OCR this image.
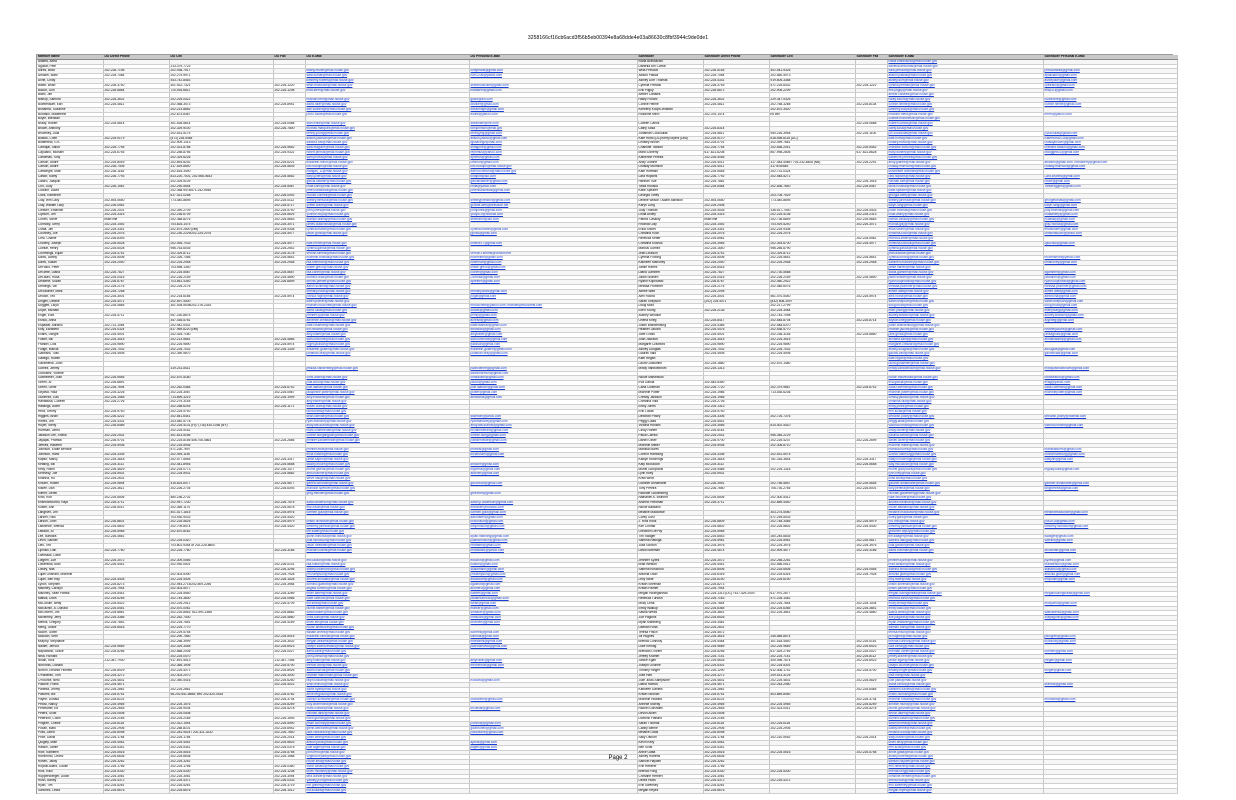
3258166cf16cb6acd3f56b5eb00394e8a68dde4e03a86630c8fbf3944c9de0de1
Member Name	DO Direct Phone	DO Cell	DO Fax	DO E-Mail	DO Personal E-Mail	Scheduler	Scheduler Direct Phone	Scheduler Cell	Scheduler Fax	Scheduler E-Mail	Scheduler Personal E-Mail
Adams, Alma						Ivana Brancaccio				ivana.brancaccio@mail.house.gov	
Aguilar, Pete		213-379-7723				Daniella Del Comal				daniella.delcomal@mail.house.gov	
Allred, Brad	202-226-7196	202-938-7917		tiffany.muller@mail.house.gov	cuffyreads@gmail.com	Willa Prescott	202-226-5155	402-541-9325		willa.prescott@mail.house.gov	prescottwilla@gmail.com
Amodei, Mark	202-225-7084	202-279-9971		sara.kumar@mail.house.gov	norr1206@yahoo.com	Allison Palicia	202-225-7084	202-560-4973		allison.palicia@mail.house.gov	apalicia89@gmail.com
Axne, Cindy		443-742-8463		kimberly.roberts@mail.house.gov		Ashley Dorr Thomas	202-225-4331	919-605-3388		ashley.dorr@mail.house.gov	ashleydorr@gmail.com
Babin, Brian	202-226-3740	301-922-7321	202-225-1220	sean.mcduckie@mail.house.gov	seanmcduckie@gmail.com	Cynthia Petrafio	202-226-3745	571-225-6432	202-225-1222	cynthia.petrafio@mail.house.gov	cpetrafio@gmail.com
Bacon, Don	202-226-6884	720-934-6811	202-225-1298	matt.stern@mail.house.gov	mattstern@gmail.com	Erik Pilguy	202-226-6872	202-906-2299		erik.pilguy@mail.house.gov	erikp11@gmail.com
Baird, Jim						Amber Canales				amber.canales@mail.house.gov	
Bishop, Sanford	202-225-3631	202-225-0422		michael.reed@mail.house.gov	gowo@aol.com	Haley Fulford	202-225-3631	229-347-9326		haley.fulford@mail.house.gov	hulfordfire@gmail.com
Blumenauer, Earl	202-225-4811	202-468-3473	202-225-8941	david.diller@mail.house.gov	dbdiller@gmail.com	Connie Helme	202-225-4811	202-768-3268	202-225-8134	connie.helme@mail.house.gov	connie.helme@gmail.com
Bonamici, Suzanne		202-213-8682		dan.wuthridge@mail.house.gov	dwuthridge@gmail.com	Kimberly Koops-Wrabek		202-870-3420		kimberly.koops@mail.house.gov	
Bordallo, Madeleine		202-674-8367		john.l.stoltz@mail.house.gov	eluinfl@yahoo.com	Rosanne Mero	202-376-1474	no cell		rosanne.mero@mail.house.gov	rmero@yahoo.com
Boyle, Brendan										collette.marcheson@mail.house.gov	
Brady, Robert	202-225-5814	301-528-5814	202-225-0088	stan.white@mail.house.gov	stanwhite@me.com	Colleen Carlos			202-225-0688	colleen.carlos@mail.house.gov	
Brown, Anthony		202-329-9100	202-226-7800	thomas.marquez@mail.house.gov	tomjohnson@mail.gov	Cathy Sosa	202-225-8314			cathy.sosa@mail.house.gov	
Brownley, Julia		202-531-5175		kenny.young@mail.house.gov	kennyyng@gmail.com	Jonathan Coucoulas	202-225-5811	940-216-3948	202-225-1100	jon.coucoulas@mail.house.gov	jcoucoulas@gmail.com
Bustos, Cheri	202-225-9179	(571) 235-5465		allison.jackson@mail.house.gov	allison.jackso@gmail.com	Kate Hurst (DC)/Kerry Myers (Dist)	202-225-9170	818-598-6116 (DC)		kate.hurst@mail.house.gov	KateHurst2018@gmail.com
Butterfield, G.K.		202-909-1313		sanford.bar@mail.house.gov	fgshavingz@mail.com	Lindsey Brown	202-225-0701	202-499-7661		lindsey.brown@mail.house.gov	lindsaybrown@gmail.com
Carbajal, Salud	202-225-7755	202-423-8788	202-225-9652	sara.maguire@mail.house.gov	smaguire@gmail.com	Charlotte Tollison	202-225-7754	202-838-2041	202-225-5452	charlotte.tollison@mail.house.gov	chenard.tollison@gmail.com
Capuano, Michael	202-225-6745	202-258-8756	202-225-9322	robert.primus@mail.house.gov	reprimus@yahoo.com	Marci Doherty	617-621-6208	857-998-2806	617-621-8628	mary.doherty@mail.house.gov	Mdoggett31@gmail.com
Cárdenas, Tony		202-329-6226		sam.primus@mail.house.gov	sprimus@gmail.com	Katherine Pereira	202-226-4055			katherine.pereira@mail.house.gov	
Carson, Andre	202-225-8049	202-893-8292	202-225-6221	elizabeth.minor@mail.house.gov	lzminor@gmail.com	Andy Guthrie	202-225-4011	317-483-4486 / 703-232-6408 (NB)	202-225-2291	andy.guthrie@mail.house.gov	athatch@gmail.com, heboiberry@gmail.com
Carson, André	202-226-7406	317-529-8540	202-225-5639	kim.rudolph@mail.house.gov	kim.rudolph@mail.house.gov	Lindsay Morrison	202-225-4011	317/678/546		lindsay.morrison@mail.house.gov	lindsay.morrison@gmail.com
Cartwright, Matt	202-226-1164	202-615-3490		hdalgas_11@mail.house.gov	eden.richmond@mail.house.gov	Kate Hoffman	202-225-5546	202-731-0324		ksrchester.hoffman@mail.house.gov	
Castor, Kathy	202-226-7793	813-220-7001, 202-968-0643	202-225-5652	daryl.jones@mail.house.gov	tchaplin@aol.com	Lara Hopkins	202-226-7792	202-548-5272		lara.hopkins@mail.house.gov	Lara.chanes@gmail.com
Castro, Joaquin		202-329-5109		garcia.castner@mail.house.gov	garciacastner@gmail.com	Hannah Tule	202-225-7881		202-225-1915	hannah.tule@mail.house.gov	hitule@gmail.com
Chu, Judy	202-226-1561	202-290-5544	202-225-5467	linda.shim@mail.house.gov	linda@yahoo.com	Tania Houska	202-225-5464	202-836-7640	202-225-5467	tania.houska@mail.house.gov	TaniaHiggins@gmail.com
Cicilline, David		202-368-9478/571-242-5946		peter.karafotias@mail.house.gov	petenkarafotias@gmail.com	Katie Spearer				katie.spearer@mail.house.gov	
Clark, Katherine		617-421-0258	202-226-0092	brooke.connell@mail.house.gov		Georgia Toffey		203-708-7529		georgia.toffey@mail.house.gov	
Clay, Wm Lacy	202-593-0650	773-440-8695	202-225-0112	shelley.benscot@mail.house.gov	shelleyjohnston@gmail.com	Debbie Wilson / Adam Atkinson	202-593-0650	773-440-8695		shelley.johnston@mail.house.gov	georgetobias@gmail.com
Clay, William Lacy	202-226-0561		202-225-5717	yvette.crane@mail.house.gov	gcrane.web@bellsouth.net	Karyn Long	202-225-2406			karyn.long@mail.house.gov	karyn.long@gmail.com
Cleaver, Emanuel	202-226-2001	202-390-2709	202-225-5740	john.jones@mail.house.gov	jhonjones@gmail.com	Judy Thomas	202-225-4535	336-517-7040	202-225-4403	judith.thomas@mail.house.gov	judy.thomas@gmail.com
Clyburn, Jim	202-225-3315	202-236-6739	202-225-5629	yvonne.boyd@mail.house.gov	yboyd19@hotmail.com	Linda Antley	202-225-3315	202-225-4136	202-225-2313	linda.antley@mail.house.gov	lindaantley@gmail.com
Cohen, Steve	main line	202-368-8276	202-225-5663	marilyn.dillihay@mail.house.gov	sebmarsh@aol.com	Patrick Cassidy	main line	202-736-6849	202-225-5663	patrick.cassidy@mail.house.gov	pcassidy@gmail.com
Connolly, Gerry	202-225-1492	703-624-1475	202-225-3071	james.walkinshaw@mail.house.gov		Rhonda Gilly	202-225-1492	703-929-5240	202-225-3071	rhonda.gilly@mail.house.gov	gilly.rhonda@gmail.com
Costa, Jim	202-225-3341	202-679-2800 (cell)	202-225-9308	cynthia.martin@mail.house.gov	cynthia.martin@gmail.com	Erica Shoen	202-225-3341	202-225-9308		erica.shoen@mail.house.gov	ericashoen@gmail.com
Courtney, Joe	202-225-2076	202-230-2229/202-225-2076	202-225-4977	jason.gross@mail.house.gov	jgross@gmail.com	Christina Koch	202-225-2076	202-225-2076		christina.koch@mail.house.gov	christinakoch@yahoo.com
Crist, Charlie	202-226-8393					Rebecca Ketter	202-225-5961		202-225-5961	rebecca.ketter@mail.house.gov	
Crowley, Joseph	202-226-5028	202-494-7033	202-225-4977	kate.mehle@mail.house.gov	kmehle17@gmail.com	Christina Kochuk	202-225-3965	202-393-6700	202-225-4977	christina.kochuk@mail.house.gov	cjkochuk@gmail.com
Cuellar, Henry	202-225-5028	956-763-6035	202-225-2542	cynthia.garcia@mail.house.gov		Marcus Gomez	202-225-1640	956-266-6790		cynthia.garcia@mail.house.gov	
Cummings, Elijah	202-225-4741	202-329-8712	202-225-3178	vernon.simms@mail.house.gov	vernon.t.simms@verizon.net	Jean Dickson	202-225-4741	202-329-8712		jean.dickson@mail.house.gov	
Davis, Danny	202-225-5006	202-326-7356	202-225-5641	michelle.thomas@mail.house.gov	michelleth@gmail.com	Cynthia Furlong	202-225-5006	202-225-5641	202-225-5641	cynthia.furlong@mail.house.gov	mcchrismith@yahoo.com
Davis, Susan	202-225-2040	202-225-2948	202-225-2948	lisa.sherman@mail.house.gov	lsherman@gmail.com	Kathleen Mahoney	202-225-2040	202-225-2948	202-225-2948	kathleen.mahoney@mail.house.gov	kmahoney@gmail.com
DeFazio, Peter		703-598-1340		kristie.greco@mail.house.gov	kristie.greco@gmail.com	Jamie Harrell	202-225-6416			jamie.harrell@mail.house.gov	
DeGette, Diana	202-225-7827	202-225-5587	202-225-5657	lisa.cohen@mail.house.gov	lcohen@gmail.com	Diana Gambrel	202-225-7827	202-730-5568		diana.gambrel@mail.house.gov	dgambrel@gmail.com
DeLauro, Rosa	202-225-0415	202-226-2159	202-225-4890	dominic.diaz@mail.house.gov	DDfrosa@gmail.com	Jillian Shanen	202-225-0415	202-226-2159	202-225-4890	jillian.shanen@mail.house.gov	jillshanen@gmail.com
DelBene, Suzan	202-226-6787	703-851-4350	202-226-6899	dennis.pfeiffer@mail.house.gov	dpfeiffer@gmail.com	Ryann Koprowski	202-226-6787	202-460-2922		ryann.koprowski@mail.house.gov	ryann.koprowski@gmail.com
Demings, Val	202-225-2176	202-225-2176		aaron.schmitt@mail.house.gov		Melissa Plummer	202-225-2176	202-446-6076		melissa.plummer@mail.house.gov	melissa.plummer@gmail.com
DeSaulnier, Mark	202-225-7258			bethany.hicks@mail.house.gov	bethanyhicks@gmail.com	Aimee Watt	202-225-2095			aimee.watt@mail.house.gov	aimee.watt@gmail.com
Deutch, Ted	202-225-3001	202-215-6185	202-225-5974	joshua.rogin@mail.house.gov	jrogin@gmail.com	Alex Rocha	202-225-3001	561-470-5440	202-225-5974	alex.rocha@mail.house.gov	alexrocha@gmail.com
Dingell, Debbie	202-225-4071	202-597-4400		karen.pichler@mail.house.gov		Sarah Shepson	(202) 225-4071	(832) 808-3097		sarah.shepson@mail.house.gov	sarah.shepson@gmail.com
Doggett, Lloyd	202-225-4865	301-928-5008/202-276-2334		michael.mucchetti@mail.house.gov	mmucchetti@yahoo.com; michael@mucchetti.com	Doug Mold		202-217-2799		doug.mold@mail.house.gov	doug.mold@gmail.com
Doyle, Michael				david.lucas@mail.house.gov	dlucas@gmail.com	Ellen Young	202-225-2135	202-225-3084		ellen.young@mail.house.gov	ellenyoung@gmail.com
Engel, Eliot	202-225-4711	947-230-8675		jennifer.ly@mail.house.gov	jennly@gmail.com	Audrey Windsor		202-744-7098		audrey.windsor@mail.house.gov	audrey.windsor@gmail.com
Eshoo, Anna		347-435-5781		adrienne.christian@mail.house.gov	achristi@gmail.com	Orlena Krieg	202-225-8417	202-548-8704	202-225-8714	allyson.krieg@mail.house.gov	allykrieg@gmail.com
Espaillat, Adriano	202-731-1064	202-942-0431		kate.rossman@mail.house.gov	katerossman@gmail.com	Justin Brandenburg	202-225-4365	202-548-6370		justin.brandenburg@mail.house.gov	
Esty, Elizabeth	202-225-0324	817-969-6220 (cell)		tim.nedwick@mail.house.gov	tnedwick@gmail.com	Heather Jacobs	202-225-4476	202-538-5770		heather.jacobs@mail.house.gov	heatherjacobs@gmail.com
Evans, Dwight	202-225-4001	202-425-7180		amy.baker@mail.house.gov	amybaker@gmail.com	Jane Gross	202-225-4001	202-236-3146	202-225-6860	jane.gross@mail.house.gov	janeagross@gmail.com
Foster, Bill	202-225-3515	202-213-5681	202-225-4885	sam.kirchhoff@mail.house.gov	sam.kirchhoff@gmail.com	Joan Jackson	202-225-3515	202-225-3515		annalea.kamp@mail.house.gov	annaleakamp@gmail.com
Frankel, Lois	202-225-9890	202-225-9890	202-225-5974	roger.jackson@mail.house.gov	rjackson@gmail.com	Margaret Crawford	202-225-9890	202-225-9890		margaret.crawford@mail.house.gov	
Fudge, Marcia	202-225-7032	202-225-7032	202-225-1339	elizabeth.golden@mail.house.gov	elizabeth.golden@gmail.com	Ashley Douglas	202-225-7032	202-225-7032		ashley.douglas@mail.house.gov	adouglas@gmail.com
Gabbard, Tulsi	202-225-4906	202-390-9870		jonathan.bray@mail.house.gov	jonathan.bray@gmail.com	Gaurav Vaid	202-225-4906	202-225-4906		gaurav.vaid@mail.house.gov	gauravvaid@gmail.com
Gallego, Ruben						Kate Regan				kate.regan@mail.house.gov	
Garamendi, John						Laura Goldsmith	202-225-1880	202-570-1480		laura.goldsmith@mail.house.gov	
Gomez, Jimmy		319-231-5411		jessica.vanderberg@mail.house.gov	jsvanderberg@gmail.com	Mindy Vanboekhom	202-225-1313			mindy.vanboekhom@mail.house.gov	mindyvanboekhom@gmail.com
Gonzalez, Vicente					davidmorrison@gmail.com						
Gottheimer, Josh	202-225-9546	202-570-5180		chris.austin@mail.house.gov	chrisaustin@gmail.com	Nicole Malvestuto				nicole.malvestuto@mail.house.gov	nmalvestuto@gmail.com
Green, Al	202-226-8891			julia.wood@mail.house.gov	jwood@gmail.com	Eva Garcia	202-544-5350			eva.garcia@mail.house.gov	evag@yahoo.com
Green, Gene	202-226-7694	202-262-0485	202-225-6742	julie.laatsch@mail.house.gov	julie.laatsch@gmail.com	Carla Coleman	202-226-7720	202-379-9687	202-225-6742	carla.coleman@mail.house.gov	carla.coleman@gmail.com
Grijalva, Raúl	202-225-3226	202-225-3087	202-225-0567	jacqueline.potter@mail.house.gov	jpotter@gmail.com	Michelle Potter	202-225-1986	713-535-6236		michelle.potter@mail.house.gov	michellepotter@gmail.com
Gutiérrez, Luis	202-225-1985	713-899-3219	202-225-1999	amy.edwards@mail.house.gov	aedwards@gmail.com	Chrissy Jackson	202-225-1985			chrissy.jackson@mail.house.gov	
Hanabusa, Colleen	202-225-2726	202-279-3145		amy.elsner@mail.house.gov		Christina Villa	202-225-2726			christina.villa@mail.house.gov	
Hastings, Alcee		202-258-6245	202-225-1171	susan.clark@mail.house.gov		Emily Jones	202-225-1313			emily.jones@mail.house.gov	
Heck, Denny	202-225-9740	202-225-9740		laura.lewis@mail.house.gov		Erin Lucas	202-225-9740			erin.lucas@mail.house.gov	
Higgins, Brian	202-226-4222	202-641-6441		sean.kilbride@mail.house.gov	skilbride@yahoo.com	Deborah Posey	202-225-3306	202-725-7376		deborah.posey@mail.house.gov	deborah.posey@hotmail.com
Himes, Jim	202-226-4331	203-540-5778		ryan.mahoney@mail.house.gov	ryanmahoney@gmail.com	Peggy Lalas	202-225-5541			peggy.lalas@mail.house.gov	
Hoyer, Steny	202-226-6489	202-225-4131 (H) / (716) 430-1036 (NY)		andy.taft.dubrow@mail.house.gov	andy.taft.dubrow@gmail.com	Victoria Honard	202-225-3556	814-402-4410		victoria.honard@mail.house.gov	victoria.honard@gmail.com
Huffman, Jared		202-225-5161		mark.chamberlain@mail.house.gov	mchamberlain@gmail.com	Cindy Hunter	202-225-5161			cindy.hunter@mail.house.gov	
Jackson Lee, Sheila	202-225-2531	301-613-5166		connie.hungtingdon@mail.house.gov	connie.hung@gmail.com	Paula Carrillo	202-225-2531	956-346-2129		paulina.carrillo@mail.house.gov	
Jayapal, Pramila	202-226-9701	202-225-8156 408-706-4864	202-225-2686	jennifer.vanderheide@mail.house.gov	jvanderheide@gmail.com	Daniel Oliver	202-226-9700	202-225-4237	202-225-2699	daniel.oliver@mail.house.gov	
Jeffries, Hakeem	202-225-5936	202-225-5936				Michelle Mittler	202-225-5936	202-308-8710		michelle.mittler@mail.house.gov	
Johnson, Eddie Bernice		571-230-7697		jennifer.mills@mail.house.gov	jenmills@gmail.com	Marissa Bures				marissa.bures@mail.house.gov	marissabures@gmail.com
Johnson, Hank	202-225-3335	202-494-1150		tricia.russell@mail.house.gov	triciarussell@gmail.com	Connor Hamburg	202-225-3336	202-531-5075		connor.hamburg@mail.house.gov	connorhamburg@gmail.com
Kaptur, Marcy	202-225-3818	202-577-5546	202-225-3317	jaime.kaptur@mail.house.gov		Kaitlyn Hutchings	202-225-3818	781-316-3644	202-225-3317	kaitlyn.hutchings@mail.house.gov	kaitlynh@gmail.com
Keating, Bill	202-225-3111	202-441-8946	202-225-5658	stacey.moore@mail.house.gov	smoore@gmail.com	Katy Mcculloch	202-225-3111		202-225-5658	katy.mcculloch@mail.house.gov	
Kelly, Robin	202-226-4829	202-225-0773	202-226-1477	muriel.givens@mail.house.gov	mgivens@gmail.com	Muriel Golopoolis	202-225-9485	202-225-1316		muriel.golopoolis@mail.house.gov	mgolopoolis@gmail.com
Kennedy, Joe	202-225-5931	202-225-5931	202-225-5682	arthur.tanner@mail.house.gov	atanner@gmail.com	Lynn Riley	202-225-5931			lynn.riley@mail.house.gov	
Khanna, Ro	202-225-2631			steve.haugen@mail.house.gov		Kristi Whitt				kristi.whitt@mail.house.gov	
Kihuen, Ruben	202-225-9894	415-624-6477	202-225-9877	garrett.donovan@mail.house.gov	gdonovan@gmail.com	Gardner Annamarie	202-226-3951	202-756-5657	202-225-5655	gardner.annamarie@mail.house.gov	gardner.annamarie@gmail.com
Kildee, Dan	202-225-3611	202-226-2735	202-225-6393	brandon.spencer@mail.house.gov		Tony Pereira	202-226-7660	706-730-2765	202-225-5001	tony.pereira@mail.house.gov	tonypereira@gmail.com
Kilmer, Derek				greg.mecher@mail.house.gov	gmecher@gmail.com	Rachael Goldenberg				rachael.goldenberg@mail.house.gov	
Kind, Ron	202-225-5506	480-236-2702				Nathaniel A. Brunner	202-225-5506	202-400-5412		nate.brunner@mail.house.gov	
Krishnamoorthi, Raja	202-225-3711	202-957-7230	202-226-7575	sarah.anderson@mail.house.gov	sarah.p.anderson@gmail.com	Andrea Friedman	202-225-3711	202-689-4440		andrea.friedman@mail.house.gov	
Kuster, Ann	202-226-5011	202-369-1170	202-225-5578	erik.olson@mail.house.gov	erikolsen@outlook.com	Nicole Balbiano				nicole.balbiano@mail.house.gov	
Langevin, Jim		401-527-1815	202-225-5976	carmen.gutz@mail.house.gov	carmen.gutz@gmail.com	Melanie Macklowe		303-275-5080		melanie.macklowe@mail.house.gov	melaniemacklowe@gmail.com
Larsen, Rick		703-930-9033	202-225-4420		aaronalter@gmail.com	Corey Gorz		571-294-5003		corey.gorz@mail.house.gov	
Larson, John	202-226-8601	202-225-5625	202-225-5979	kristin.nicholson@mail.house.gov	knicholson@gmail.com	J. Rios Ross	202-226-8809	202-748-3485	202-225-5979	ros.ross@mail.house.gov	jros2018@gmail.com
Lawrence, Brenda	202-225-5802	202-709-8474	202-225-4420	kimberly.johnson@mail.house.gov	kimjohnson@gmail.com	Kim Conrad	202-225-5802	202-225-5802	202-225-4430	kimberly.johnson@mail.house.gov	kimberly.nicholson@gmail.com
Lawson, Al	202-226-5965	202-870-8162		lee.slater@mail.house.gov		Gretchen DePoy	202-225-5965			gretchen.depoy@mail.house.gov	
Lee, Barbara	202-226-4661			quinn.minchull@mail.house.gov	dylan.manning@gmail.com	Tim Swager	202-225-6543	260-245-6835		tim.swager@mail.house.gov	tswager@gmail.com
Levin, Sander		202-225-0310		julia.nicholson@mail.house.gov	julianicholson@gmail.com	Sabrina Ratinga	202-225-5961	202-225-5961	202-225-9817	sabrina.ratinga@mail.house.gov	sabrina@gmail.com
Lieu, Ted		703-801-9354 or 202-225-8800		jason.neatfaith@mail.house.gov	neatfaith@gmail.com	Julia Gordon	202-225-3976	202-225-3976	202-225-3976	julia.gordon@mail.house.gov	
Lipinski, Dan	202-225-7760	202-225-7760	202-225-3166	michael.collins@mail.house.gov	mnabolsto@yahoo.com	David Bowman	202-225-4674	202-909-4677	202-225-3166	david.bowman@mail.house.gov	dbowman@gmail.com
Loebsack, Dave											
Lofgren, Zoe	202-225-3072	202-309-0556		eric.lauzon@mail.house.gov	elauzon@gmail.com	Jennifer Syzek	202-225-3072	202-258-2281		jennifer.syzek@mail.house.gov	jsyzek@gmail.com
Lowenthal, Alan	202-226-4441	202-930-0501	202-226-0101	lisa.sutton@mail.house.gov	lsutton@gmail.com	Brad Weston	202-226-4441	202-556-0512		brad.weston@mail.house.gov	bradweston@gmail.com
Lowey, Nita			202-226-3295	stacey.kaufmann@mail.house.gov	skaufmann@gmail.com	Sabrina Kirkwood	202-225-6506	202-225-6506	202-225-0546	sabrina.kirkwood@mail.house.gov	skirkwood@gmail.com
Lujan Grisham, Michelle		202-403-5390	202-225-7928	jim.hampson@mail.house.gov	jimhampson@gmail.com	Antonia Gwin	202-225-6316	202-225-6316	202-225-7928	antonia.gwin@mail.house.gov	antonia.gwin@gmail.com
Luján, Ben Ray	202-225-4405	202-225-4405	202-226-1528	andrew.stoddard@mail.house.gov	astoddard@gmail.com	Lexy Nolte	202-225-6190	202-225-6190		lexy.nolte@mail.house.gov	lexynolte@gmail.com
Lynch, Stephen	202-225-8273	202-944-2715/202-809-2256	202-225-3984	dominic.galeotti@mail.house.gov	dgaleotti@gmail.com	Kristin Sheehan	202-225-8273			kristin.sheehan@mail.house.gov	
Maloney, Carolyn	202-225-7944	202-403-5077		angela.romero@mail.house.gov	aromero@gmail.com	Kristin Palmer	202-225-7944			kristin.palmer@mail.house.gov	
Maloney, Sean Patrick	202-225-5441	202-225-5550	202-225-3289	kevin.albert@mail.house.gov	kalbert@gmail.com	Megan Hollingshead	202-225-1313 (DC) / 617-429-2000	617-970-2877		megan.hollingshead@mail.house.gov	meganhollingshead@gmail.com
Matsui, Doris	202-225-6255	202-744-3800	202-225-0566	katie.lubbock@mail.house.gov	ptkatielubbock@gmail.com	Rebecca Turtosh	202-225-7163	571-228-1462		rebecca.turtosh@mail.house.gov	
McCollum, Betty	202-225-5422	202-225-2912	202-225-4709	tim.sean@mail.house.gov	tsean@gmail.com	Molly Cena	202-225-7844	202-225-7844	202-225-1004	molly.cena@mail.house.gov	mollycena@gmail.com
McEachin, A. Donald	202-225-5451	202-570-0061		rachel.barker@mail.house.gov	rbarker@gmail.com	Emily Walkup	202-225-6365	202-225-6365	202-225-3841	emily.walkup@mail.house.gov	
McGovern, Jim	202-225-8861	202-225-8561; 612-991-1556	202-225-8882	sarah.baker@mail.house.gov	smbaker@gmail.com	Sasha Weiss	202-225-3841	202-225-3841	202-225-4860	sasha.weiss@mail.house.gov	sashaweiss@gmail.com
McNerney, Jerry	202-225-3366	202-252-7400	202-225-4860	chris.kuhl@mail.house.gov	chriskuhl@gmail.com	Zoe Pagonis	202-225-6526			zoe.pagonis@mail.house.gov	zoepagonis@gmail.com
Meeks, Gregory	202-225-7851	202-225-7851	202-226-4169	kevin.lee@mail.house.gov	kevinlee@gmail.com	Myah Mahlberg	202-225-3461			myah.mahlberg@mail.house.gov	
Meng, Grace	202-225-6516	202-229-7770		nicole.ainsworth@mail.house.gov		Damian Ross	202-225-2601			damian.ross@mail.house.gov	
Moore, Gwen		202-229-5748		william.cheek@mail.house.gov	wcheek@gmail.com	Teresa Frisch	202-225-4572			teresa.frisch@mail.house.gov	
Moulton, Seth		202-290-7560	202-225-5915	elizabeth.kimball@mail.house.gov	lkimball@gmail.com	Jill Hughes	202-225-3615	245-585-8574		jill.hughes@mail.house.gov	jillhughes@gmail.com
Murphy, Stephanie		202-258-3999	202-225-3002	megan.williams@mail.house.gov	mwilliams@gmail.com	Brenda Cunnolly	202-225-4464	301-518-4540	202-225-0151	brenda.cunnolly@mail.house.gov	bcunnolly@gmail.com
Nadler, Jerrold	202-225-9669	202-329-3448	202-225-6923	joseph.swerdzewski@mail.house.gov	jswerdzewski@gmail.com	Luke Kendig	202-225-9669	202-225-9669	202-225-6923	luke.kendig@mail.house.gov	
Napolitano, Grace	202-225-5256	202-868-2006	202-225-0027	aarfa.kabir@mail.house.gov		Brendan O'Brien	202-225-5256	617-529-2769	202-225-0027	brendan.obrien@mail.house.gov	bobrien@gmail.com
Neal, Richard		202-225-0470		john.johnson@mail.house.gov		Jeffrey Kramer	202-225-7141	202-225-7141	202-225-8112	jeffrey.kramer@mail.house.gov	
Nolan, Rick	212-367-7930	917-691-4513	212-367-7356	amy.rutkin@mail.house.gov	amyrutkin@gmail.com	Janice Egan	212-225-5635	305-498-7674	202-225-6923	janice.egan@mail.house.gov	jeegan@gmail.com
Norcross, Donald		202-365-1906	202-225-5700	mercer.wolf@mail.house.gov	mercerwolf@gmail.com	Joseph Oconne	202-225-5301	202-225-5301		joseph.oconne@mail.house.gov	
Norton, Eleanor Holmes	202-226-8929	202-225-4071	202-225-8926	adam.nichols@mail.house.gov		Timothy Ringer	202-225-1290	612-408-1742	202-225-5700	timothy.ringer@mail.house.gov	tringer@gmail.com
O'Halleran, Tom	202-225-3272	202-403-2070	202-225-3000	heather.marchman@mail.house.gov		Jose Hart	202-225-3272	209-513-3125		jose.hart@mail.house.gov	
O'Rourke, Beto	202-225-4831	202-450-5416	202-225-6250	ralph.lockard@mail.house.gov	rlockard@gmail.com	Julie Justo-Sampsone	202-225-4831	202-225-4831	202-225-5829	julie.justo@mail.house.gov	
Pallone, Frank	202-225-4671		202-225-4022	sean.lennon@mail.house.gov		Diana Ramos	202-225-4671	202-263-2080		diana.ramos@mail.house.gov	dramos@gmail.com
Panetta, Jimmy	202-225-2861	202-225-2861		david.hyatt@mail.house.gov		Kathleen Daniels	202-225-2861		202-225-6465	kathleen.daniels@mail.house.gov	
Pascrell, Bill	202-225-5751	98-202-641-8658; cell: 202-420-0515	202-225-5782	anne.ferguson@mail.house.gov		Kristin Noonan	202-225-5751	503-869-8080		kristin.noonan@mail.house.gov	
Payne, Donald	202-225-6101		202-225-3734	carolyn.schwartz@mail.house.gov	cschwartz@gmail.com	Michelle Howard	202-225-6101		202-225-3734	michelle.howard@mail.house.gov	mhoward@gmail.com
Pelosi, Nancy	202-225-4965	202-225-1576	202-225-8259	lucy.drummond@mail.house.gov		Anneke Murray	202-225-4965	202-225-4965	202-225-8259	anneke.murray@mail.house.gov	
Perlmutter, Ed	202-225-2645	202-226-9034	202-225-5278	mark.cuellar@mail.house.gov	mcuellar@gmail.com	Rachel Gonzales	202-225-2645	202-423-0011	202-225-5278	rachel.gonzales@mail.house.gov	
Peters, Scott	202-225-0508	202-225-0508		hannah.lantz@mail.house.gov		Devon Aiken	202-225-0508			devon.aiken@mail.house.gov	
Peterson, Collin	202-225-2165	202-225-2165	202-225-1593	robin.gunning@mail.house.gov		Dominic Fassino	202-225-2165			dominic.fassino@mail.house.gov	
Pingree, Chellie	202-225-6116	202-412-1944	202-225-5590	jesse.connolly@mail.house.gov	jconnolly@gmail.com	Sarah Thomas	202-225-6116	202-225-6116		sarah.thomas@mail.house.gov	
Pocan, Mark	202-225-2906	202-258-8101	202-225-6942	glenn.wavrunek@mail.house.gov	gwavrunek@gmail.com	Cabby Beirne	202-225-2906	202-225-2906		cabby.beirne@mail.house.gov	
Polis, Jared	202-226-8098	202-281-9524 / 202-321-3232	202-226-7840	jake.vancleave@mail.house.gov	jvancleave@gmail.com	Melanie Dodd	202-226-8098			melanie.dodd@mail.house.gov	
Price, David	202-225-1784	202-225-1784	202-225-2014	justin.wein@mail.house.gov		Sally Osborn	202-225-1784	202-210-9052	202-225-2014	sally.osborn@mail.house.gov	
Quigley, Mike	202-225-4061	202-225-4061	202-225-5603	allison.jarus@mail.house.gov	ajarus@gmail.com	Kevin Kelly	202-225-4061			kevin.kelly@mail.house.gov	
Raskin, Jamie	202-225-5341	202-225-5341	202-225-0375	julie.tagen@mail.house.gov	jtagen@gmail.com	Ben Scott	202-225-5341			ben.scott@mail.house.gov	
Rice, Kathleen	202-225-5516	202-225-5516	202-225-5758	john.ferro@mail.house.gov		Annie Gatta	202-225-5516	202-225-5516	202-225-5758	annie.gatta@mail.house.gov	
Richmond, Cedric	202-225-6636	202-225-6636	202-225-1988	virginia.bryant@mail.house.gov		Ashley Roberts	202-225-6636			ashley.roberts@mail.house.gov	
Rosen, Jacky	202-225-3252	202-225-3252		nicole.seid@mail.house.gov		Samuel Hayden	202-225-3252			samuel.hayden@mail.house.gov	
Roybal-Allard, Lucille	202-225-1766	202-225-1766	202-226-0350	victor.castillo@mail.house.gov		Erin Heberer	202-225-1766			erin.heberer@mail.house.gov	
Ruiz, Raul	202-225-5330	202-225-5330	202-225-1238	kevin.mccarthy@mail.house.gov		Brenda Fong	202-225-5330	202-225-5330		brenda.fong@mail.house.gov	
Ruppersberger, Dutch	202-225-3061	202-225-3061	202-225-3094	tara.oursler@mail.house.gov		Christine Herbert	202-225-3061			christine.herbert@mail.house.gov	
Rush, Bobby	202-225-4372	202-225-4372	202-226-0333	yardley.pohl@mail.house.gov		Debra Hicks	202-225-4372	202-225-4372		debra.hicks@mail.house.gov	
Ryan, Tim	202-225-5261	202-225-5261	202-225-3719	ron.grimes@mail.house.gov		Erin Sweeney	202-225-5261			erin.sweeney@mail.house.gov	
Sánchez, Linda	202-225-6676	202-225-6676	202-226-1012	lea.sulkala@mail.house.gov		Megan Reyes	202-225-6676			megan.reyes@mail.house.gov	
Page 2
